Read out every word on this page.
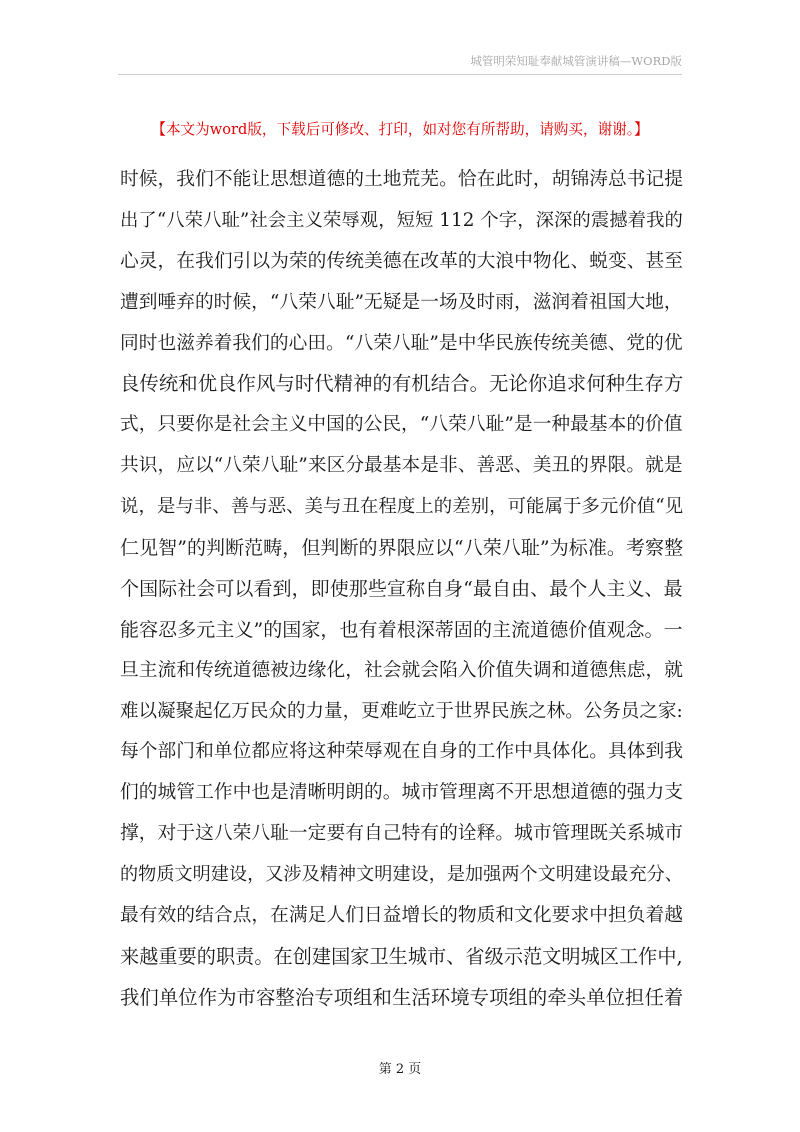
城管明荣知耻奉献城管演讲稿—WORD版
【本文为word版，下载后可修改、打印，如对您有所帮助，请购买，谢谢。】
时候，我们不能让思想道德的土地荒芜。恰在此时，胡锦涛总书记提
出了“八荣八耻”社会主义荣辱观，短短 112 个字，深深的震撼着我的
心灵，在我们引以为荣的传统美德在改革的大浪中物化、蜕变、甚至
遭到唾弃的时候，“八荣八耻”无疑是一场及时雨，滋润着祖国大地，
同时也滋养着我们的心田。“八荣八耻”是中华民族传统美德、党的优
良传统和优良作风与时代精神的有机结合。无论你追求何种生存方
式，只要你是社会主义中国的公民，“八荣八耻”是一种最基本的价值
共识，应以“八荣八耻”来区分最基本是非、善恶、美丑的界限。就是
说，是与非、善与恶、美与丑在程度上的差别，可能属于多元价值“见
仁见智”的判断范畴，但判断的界限应以“八荣八耻”为标准。考察整
个国际社会可以看到，即使那些宣称自身“最自由、最个人主义、最
能容忍多元主义”的国家，也有着根深蒂固的主流道德价值观念。一
旦主流和传统道德被边缘化，社会就会陷入价值失调和道德焦虑，就
难以凝聚起亿万民众的力量，更难屹立于世界民族之林。公务员之家:
每个部门和单位都应将这种荣辱观在自身的工作中具体化。具体到我
们的城管工作中也是清晰明朗的。城市管理离不开思想道德的强力支
撑，对于这八荣八耻一定要有自己特有的诠释。城市管理既关系城市
的物质文明建设，又涉及精神文明建设，是加强两个文明建设最充分、
最有效的结合点，在满足人们日益增长的物质和文化要求中担负着越
来越重要的职责。在创建国家卫生城市、省级示范文明城区工作中,
我们单位作为市容整治专项组和生活环境专项组的牵头单位担任着
第 2 页
